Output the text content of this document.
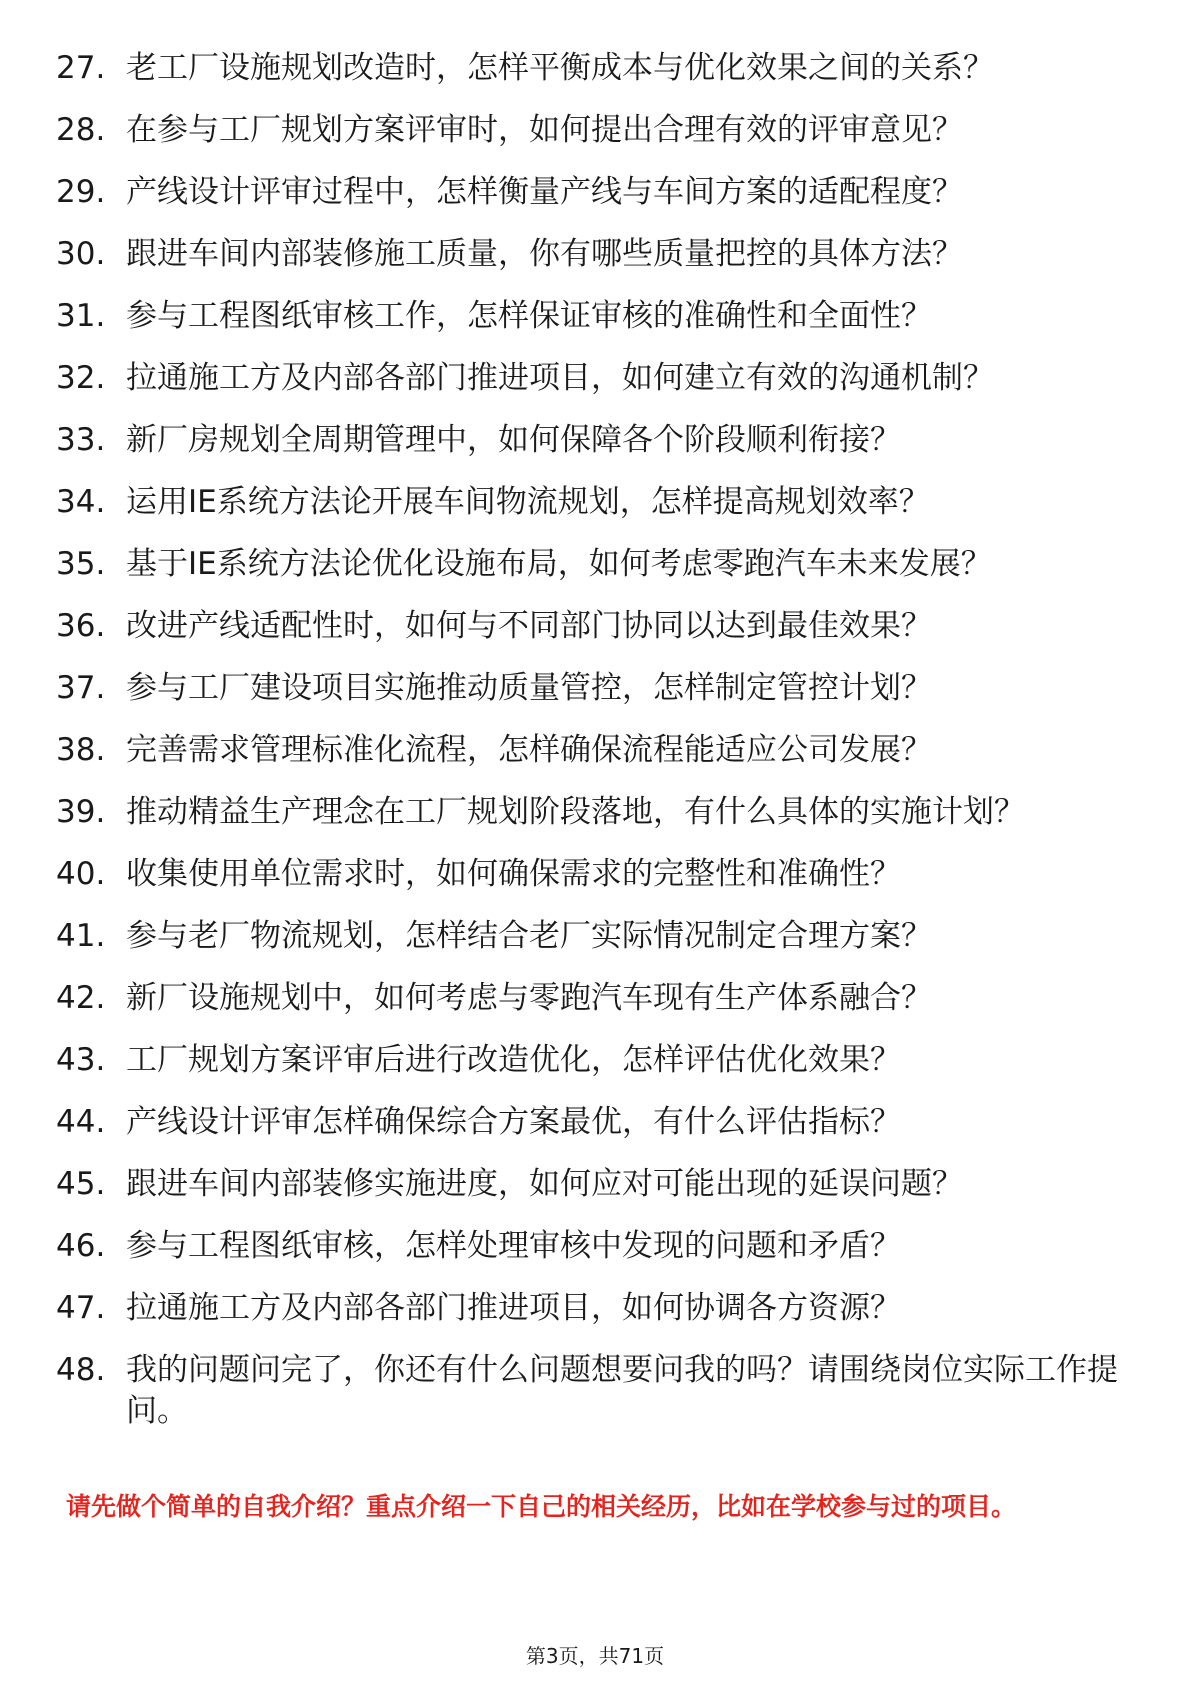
27. 老工厂设施规划改造时，怎样平衡成本与优化效果之间的关系？
28. 在参与工厂规划方案评审时，如何提出合理有效的评审意见？
29. 产线设计评审过程中，怎样衡量产线与车间方案的适配程度？
30. 跟进车间内部装修施工质量，你有哪些质量把控的具体方法？
31. 参与工程图纸审核工作，怎样保证审核的准确性和全面性？
32. 拉通施工方及内部各部门推进项目，如何建立有效的沟通机制？
33. 新厂房规划全周期管理中，如何保障各个阶段顺利衔接？
34. 运用IE系统方法论开展车间物流规划，怎样提高规划效率？
35. 基于IE系统方法论优化设施布局，如何考虑零跑汽车未来发展？
36. 改进产线适配性时，如何与不同部门协同以达到最佳效果？
37. 参与工厂建设项目实施推动质量管控，怎样制定管控计划？
38. 完善需求管理标准化流程，怎样确保流程能适应公司发展？
39. 推动精益生产理念在工厂规划阶段落地，有什么具体的实施计划？
40. 收集使用单位需求时，如何确保需求的完整性和准确性？
41. 参与老厂物流规划，怎样结合老厂实际情况制定合理方案？
42. 新厂设施规划中，如何考虑与零跑汽车现有生产体系融合？
43. 工厂规划方案评审后进行改造优化，怎样评估优化效果？
44. 产线设计评审怎样确保综合方案最优，有什么评估指标？
45. 跟进车间内部装修实施进度，如何应对可能出现的延误问题？
46. 参与工程图纸审核，怎样处理审核中发现的问题和矛盾？
47. 拉通施工方及内部各部门推进项目，如何协调各方资源？
48. 我的问题问完了，你还有什么问题想要问我的吗？请围绕岗位实际工作提问。

请先做个简单的自我介绍？重点介绍一下自己的相关经历，比如在学校参与过的项目。

第3页，共71页
